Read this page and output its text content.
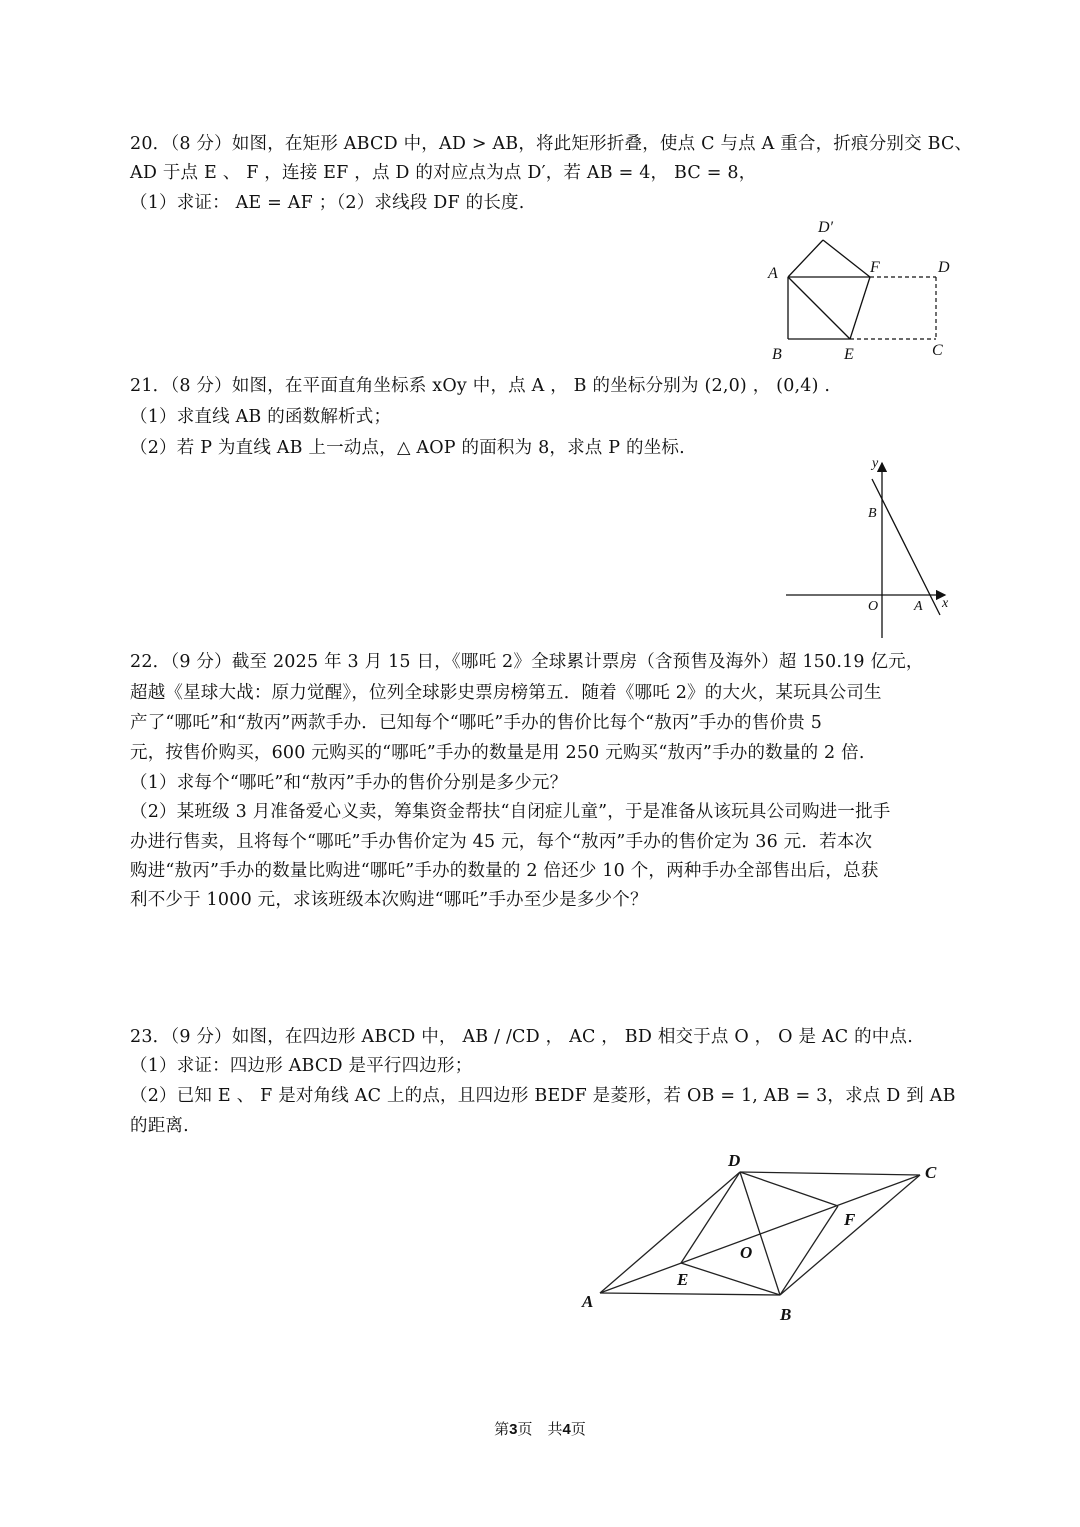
20．（8 分）如图，在矩形 ABCD 中，AD > AB，将此矩形折叠，使点 C 与点 A 重合，折痕分别交 BC、
AD 于点 E 、 F ，连接 EF ，点 D 的对应点为点 D′，若 AB = 4， BC = 8，
（1）求证： AE = AF ；（2）求线段 DF 的长度.
A
B	E	C
D
F
D′
21．（8 分）如图，在平面直角坐标系 xOy 中，点 A ， B 的坐标分别为 (2,0) ， (0,4) .
（1）求直线 AB 的函数解析式；
（2）若 P 为直线 AB 上一动点，△ AOP 的面积为 8，求点 P 的坐标.
y
x
B
O	A
22．（9 分）截至 2025 年 3 月 15 日，《哪吒 2》全球累计票房（含预售及海外）超 150.19 亿元，
超越《星球大战：原力觉醒》，位列全球影史票房榜第五．随着《哪吒 2》的大火，某玩具公司生
产了“哪吒”和“敖丙”两款手办．已知每个“哪吒”手办的售价比每个“敖丙”手办的售价贵 5
元，按售价购买，600 元购买的“哪吒”手办的数量是用 250 元购买“敖丙”手办的数量的 2 倍.
（1）求每个“哪吒”和“敖丙”手办的售价分别是多少元？
（2）某班级 3 月准备爱心义卖，筹集资金帮扶“自闭症儿童”，于是准备从该玩具公司购进一批手
办进行售卖，且将每个“哪吒”手办售价定为 45 元，每个“敖丙”手办的售价定为 36 元．若本次
购进“敖丙”手办的数量比购进“哪吒”手办的数量的 2 倍还少 10 个，两种手办全部售出后，总获
利不少于 1000 元，求该班级本次购进“哪吒”手办至少是多少个？
23．（9 分）如图，在四边形 ABCD 中， AB / /CD ， AC ， BD 相交于点 O ， O 是 AC 的中点.
（1）求证：四边形 ABCD 是平行四边形；
（2）已知 E 、 F 是对角线 AC 上的点，且四边形 BEDF 是菱形，若 OB = 1, AB = 3，求点 D 到 AB
的距离.
A
B
C
D
E
F
O
第3页　共4页
